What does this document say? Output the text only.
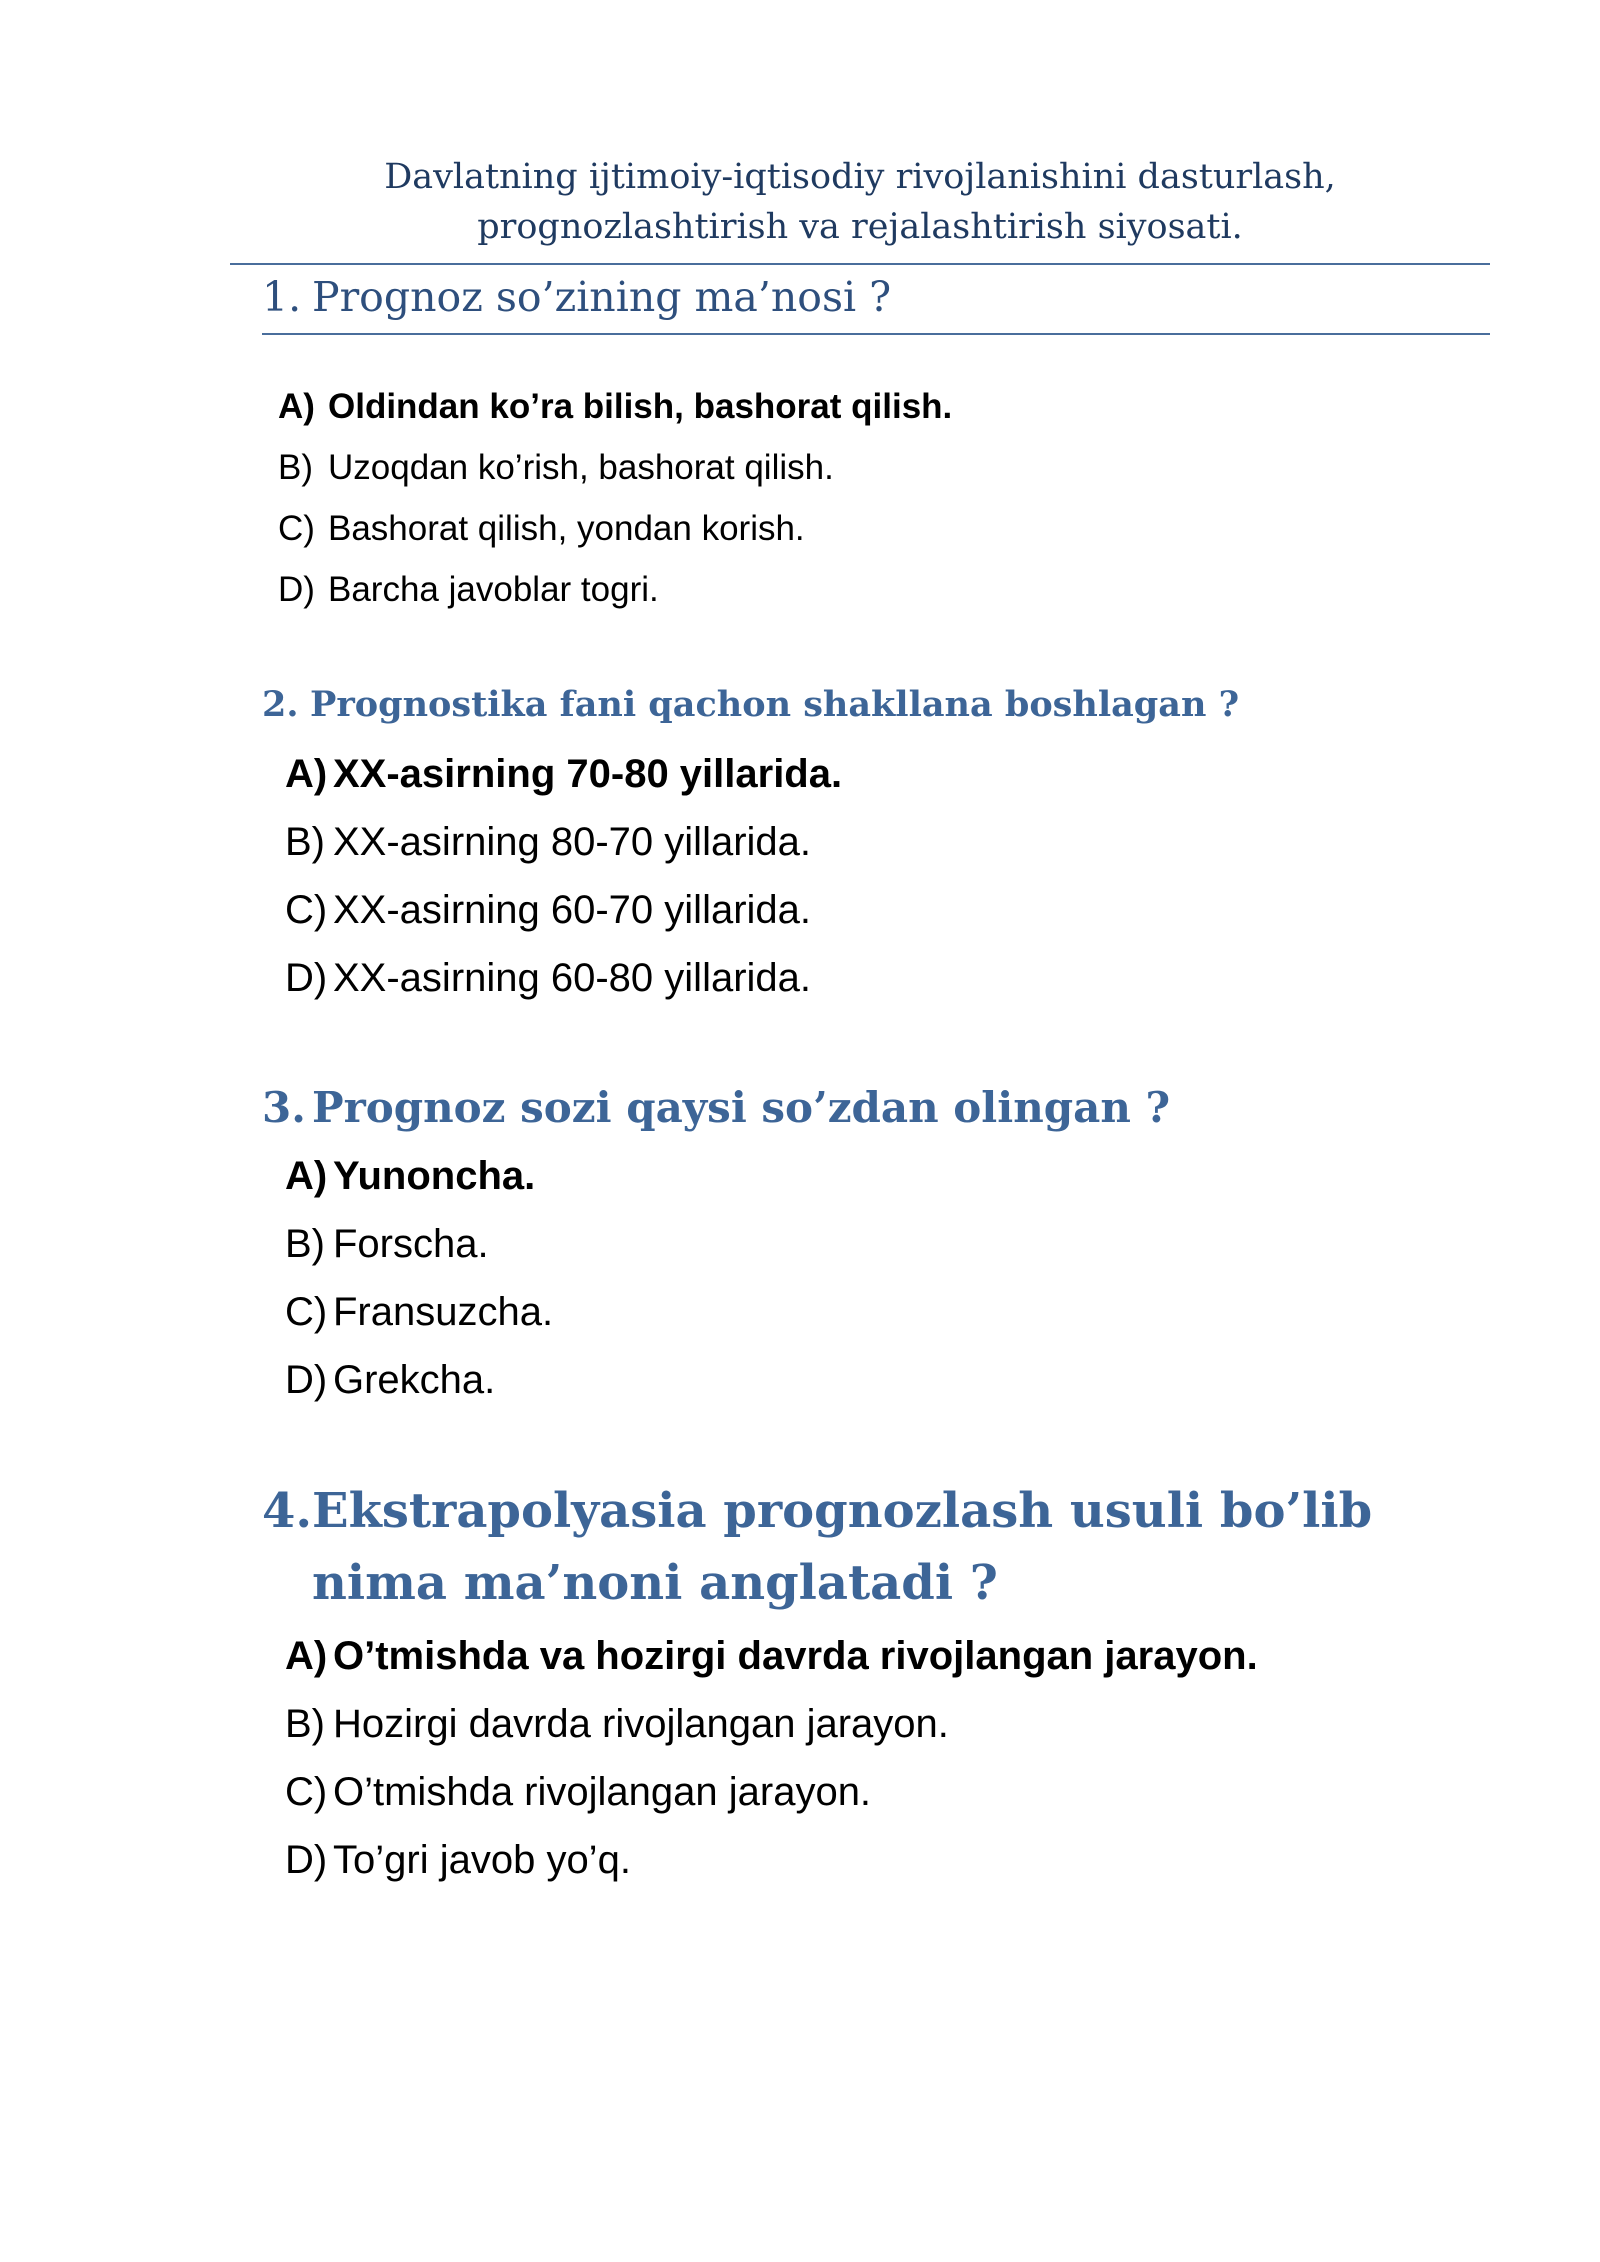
Davlatning ijtimoiy-iqtisodiy rivojlanishini dasturlash,
prognozlashtirish va rejalashtirish siyosati.
1. Prognoz so’zining ma’nosi ?
A) Oldindan ko’ra bilish, bashorat qilish.
B) Uzoqdan ko’rish, bashorat qilish.
C) Bashorat qilish, yondan korish.
D) Barcha javoblar togri.
2. Prognostika fani qachon shakllana boshlagan ?
A) XX-asirning 70-80 yillarida.
B) XX-asirning 80-70 yillarida.
C) XX-asirning 60-70 yillarida.
D) XX-asirning 60-80 yillarida.
3. Prognoz sozi qaysi so’zdan olingan ?
A) Yunoncha.
B) Forscha.
C) Fransuzcha.
D) Grekcha.
4. Ekstrapolyasia prognozlash usuli bo’lib nima ma’noni anglatadi ?
A) O’tmishda va hozirgi davrda rivojlangan jarayon.
B) Hozirgi davrda rivojlangan jarayon.
C) O’tmishda rivojlangan jarayon.
D) To’gri javob yo’q.
